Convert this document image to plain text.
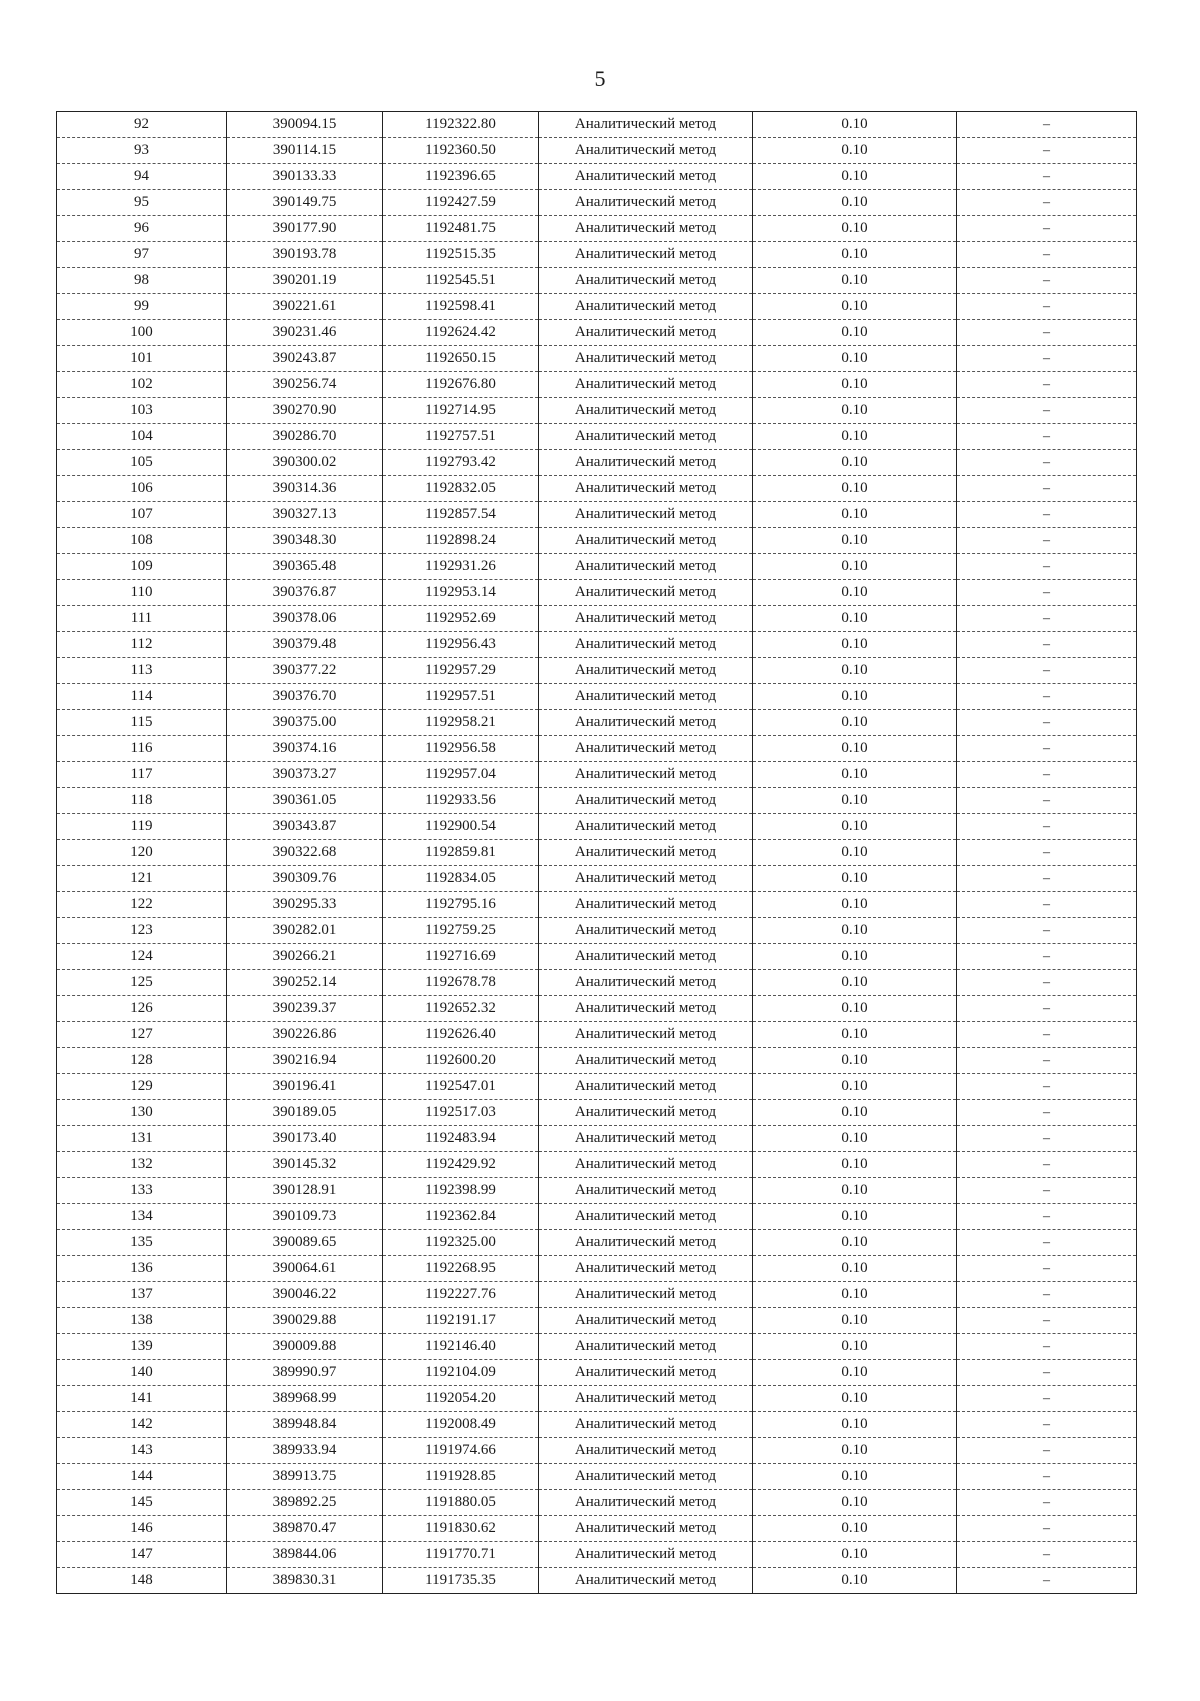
5
92	390094.15	1192322.80	Аналитический метод	0.10	–
93	390114.15	1192360.50	Аналитический метод	0.10	–
94	390133.33	1192396.65	Аналитический метод	0.10	–
95	390149.75	1192427.59	Аналитический метод	0.10	–
96	390177.90	1192481.75	Аналитический метод	0.10	–
97	390193.78	1192515.35	Аналитический метод	0.10	–
98	390201.19	1192545.51	Аналитический метод	0.10	–
99	390221.61	1192598.41	Аналитический метод	0.10	–
100	390231.46	1192624.42	Аналитический метод	0.10	–
101	390243.87	1192650.15	Аналитический метод	0.10	–
102	390256.74	1192676.80	Аналитический метод	0.10	–
103	390270.90	1192714.95	Аналитический метод	0.10	–
104	390286.70	1192757.51	Аналитический метод	0.10	–
105	390300.02	1192793.42	Аналитический метод	0.10	–
106	390314.36	1192832.05	Аналитический метод	0.10	–
107	390327.13	1192857.54	Аналитический метод	0.10	–
108	390348.30	1192898.24	Аналитический метод	0.10	–
109	390365.48	1192931.26	Аналитический метод	0.10	–
110	390376.87	1192953.14	Аналитический метод	0.10	–
111	390378.06	1192952.69	Аналитический метод	0.10	–
112	390379.48	1192956.43	Аналитический метод	0.10	–
113	390377.22	1192957.29	Аналитический метод	0.10	–
114	390376.70	1192957.51	Аналитический метод	0.10	–
115	390375.00	1192958.21	Аналитический метод	0.10	–
116	390374.16	1192956.58	Аналитический метод	0.10	–
117	390373.27	1192957.04	Аналитический метод	0.10	–
118	390361.05	1192933.56	Аналитический метод	0.10	–
119	390343.87	1192900.54	Аналитический метод	0.10	–
120	390322.68	1192859.81	Аналитический метод	0.10	–
121	390309.76	1192834.05	Аналитический метод	0.10	–
122	390295.33	1192795.16	Аналитический метод	0.10	–
123	390282.01	1192759.25	Аналитический метод	0.10	–
124	390266.21	1192716.69	Аналитический метод	0.10	–
125	390252.14	1192678.78	Аналитический метод	0.10	–
126	390239.37	1192652.32	Аналитический метод	0.10	–
127	390226.86	1192626.40	Аналитический метод	0.10	–
128	390216.94	1192600.20	Аналитический метод	0.10	–
129	390196.41	1192547.01	Аналитический метод	0.10	–
130	390189.05	1192517.03	Аналитический метод	0.10	–
131	390173.40	1192483.94	Аналитический метод	0.10	–
132	390145.32	1192429.92	Аналитический метод	0.10	–
133	390128.91	1192398.99	Аналитический метод	0.10	–
134	390109.73	1192362.84	Аналитический метод	0.10	–
135	390089.65	1192325.00	Аналитический метод	0.10	–
136	390064.61	1192268.95	Аналитический метод	0.10	–
137	390046.22	1192227.76	Аналитический метод	0.10	–
138	390029.88	1192191.17	Аналитический метод	0.10	–
139	390009.88	1192146.40	Аналитический метод	0.10	–
140	389990.97	1192104.09	Аналитический метод	0.10	–
141	389968.99	1192054.20	Аналитический метод	0.10	–
142	389948.84	1192008.49	Аналитический метод	0.10	–
143	389933.94	1191974.66	Аналитический метод	0.10	–
144	389913.75	1191928.85	Аналитический метод	0.10	–
145	389892.25	1191880.05	Аналитический метод	0.10	–
146	389870.47	1191830.62	Аналитический метод	0.10	–
147	389844.06	1191770.71	Аналитический метод	0.10	–
148	389830.31	1191735.35	Аналитический метод	0.10	–
